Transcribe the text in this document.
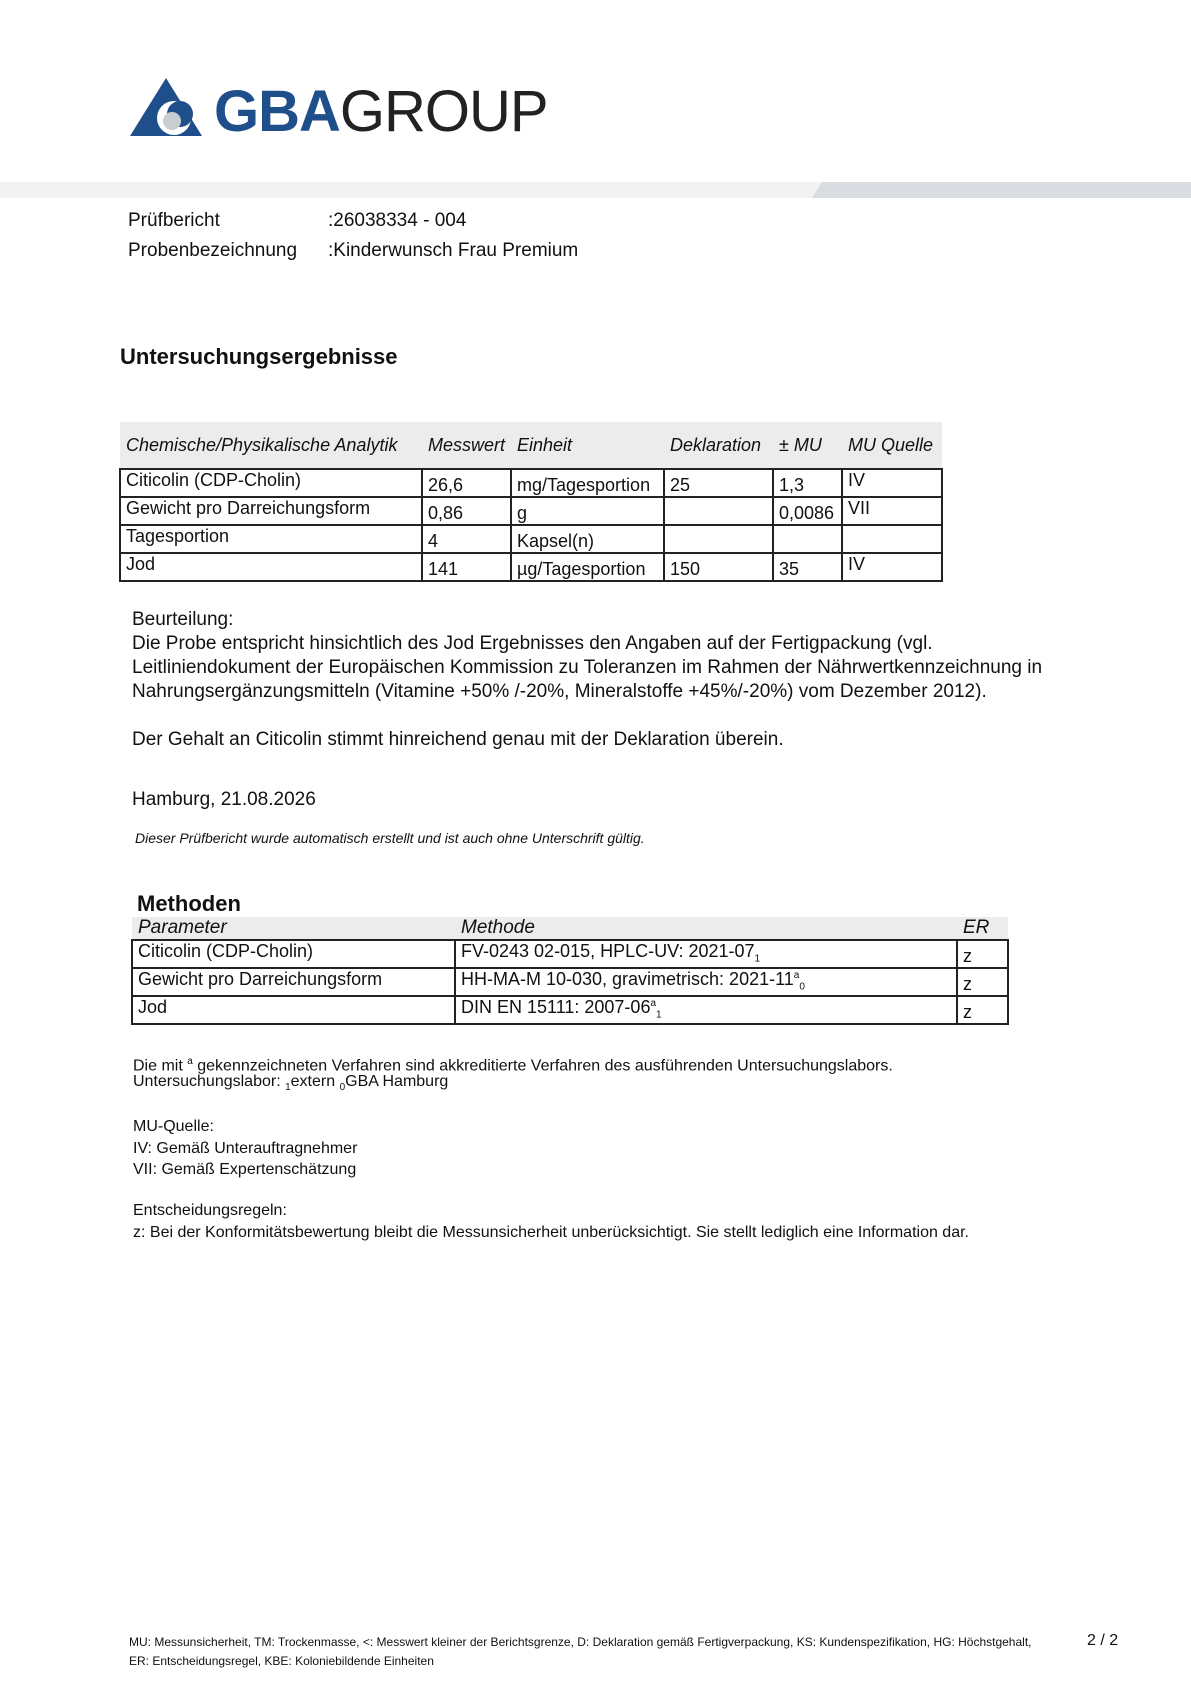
GBAGROUP
Prüfbericht	:26038334 - 004
Probenbezeichnung :Kinderwunsch Frau Premium
Untersuchungsergebnisse
Chemische/Physikalische Analytik	Messwert	Einheit	Deklaration	± MU	MU Quelle
Citicolin (CDP-Cholin)	26,6	mg/Tagesportion	25	1,3	IV
Gewicht pro Darreichungsform	0,86	g		0,0086	VII
Tagesportion	4	Kapsel(n)			
Jod	141	µg/Tagesportion	150	35	IV
Beurteilung:
Die Probe entspricht hinsichtlich des Jod Ergebnisses den Angaben auf der Fertigpackung (vgl. Leitliniendokument der Europäischen Kommission zu Toleranzen im Rahmen der Nährwertkennzeichnung in Nahrungsergänzungsmitteln (Vitamine +50% /-20%, Mineralstoffe +45%/-20%) vom Dezember 2012).
Der Gehalt an Citicolin stimmt hinreichend genau mit der Deklaration überein.
Hamburg, 21.08.2026
Dieser Prüfbericht wurde automatisch erstellt und ist auch ohne Unterschrift gültig.
Methoden
Parameter	Methode	ER
Citicolin (CDP-Cholin)	FV-0243 02-015, HPLC-UV: $2021-07_1$	z
Gewicht pro Darreichungsform	HH-MA-M 10-030, gravimetrisch: $2021-11^a_0$	z
Jod	DIN EN 15111: $2007-06^a_1$	z
Die mit $^a$ gekennzeichneten Verfahren sind akkreditierte Verfahren des ausführenden Untersuchungslabors.
Untersuchungslabor: $_1$extern $_0$GBA Hamburg
MU-Quelle:
IV: Gemäß Unterauftragnehmer
VII: Gemäß Expertenschätzung
Entscheidungsregeln:
z: Bei der Konformitätsbewertung bleibt die Messunsicherheit unberücksichtigt. Sie stellt lediglich eine Information dar.
MU: Messunsicherheit, TM: Trockenmasse, <: Messwert kleiner der Berichtsgrenze, D: Deklaration gemäß Fertigverpackung, KS: Kundenspezifikation, HG: Höchstgehalt,
ER: Entscheidungsregel, KBE: Koloniebildende Einheiten
2 / 2
